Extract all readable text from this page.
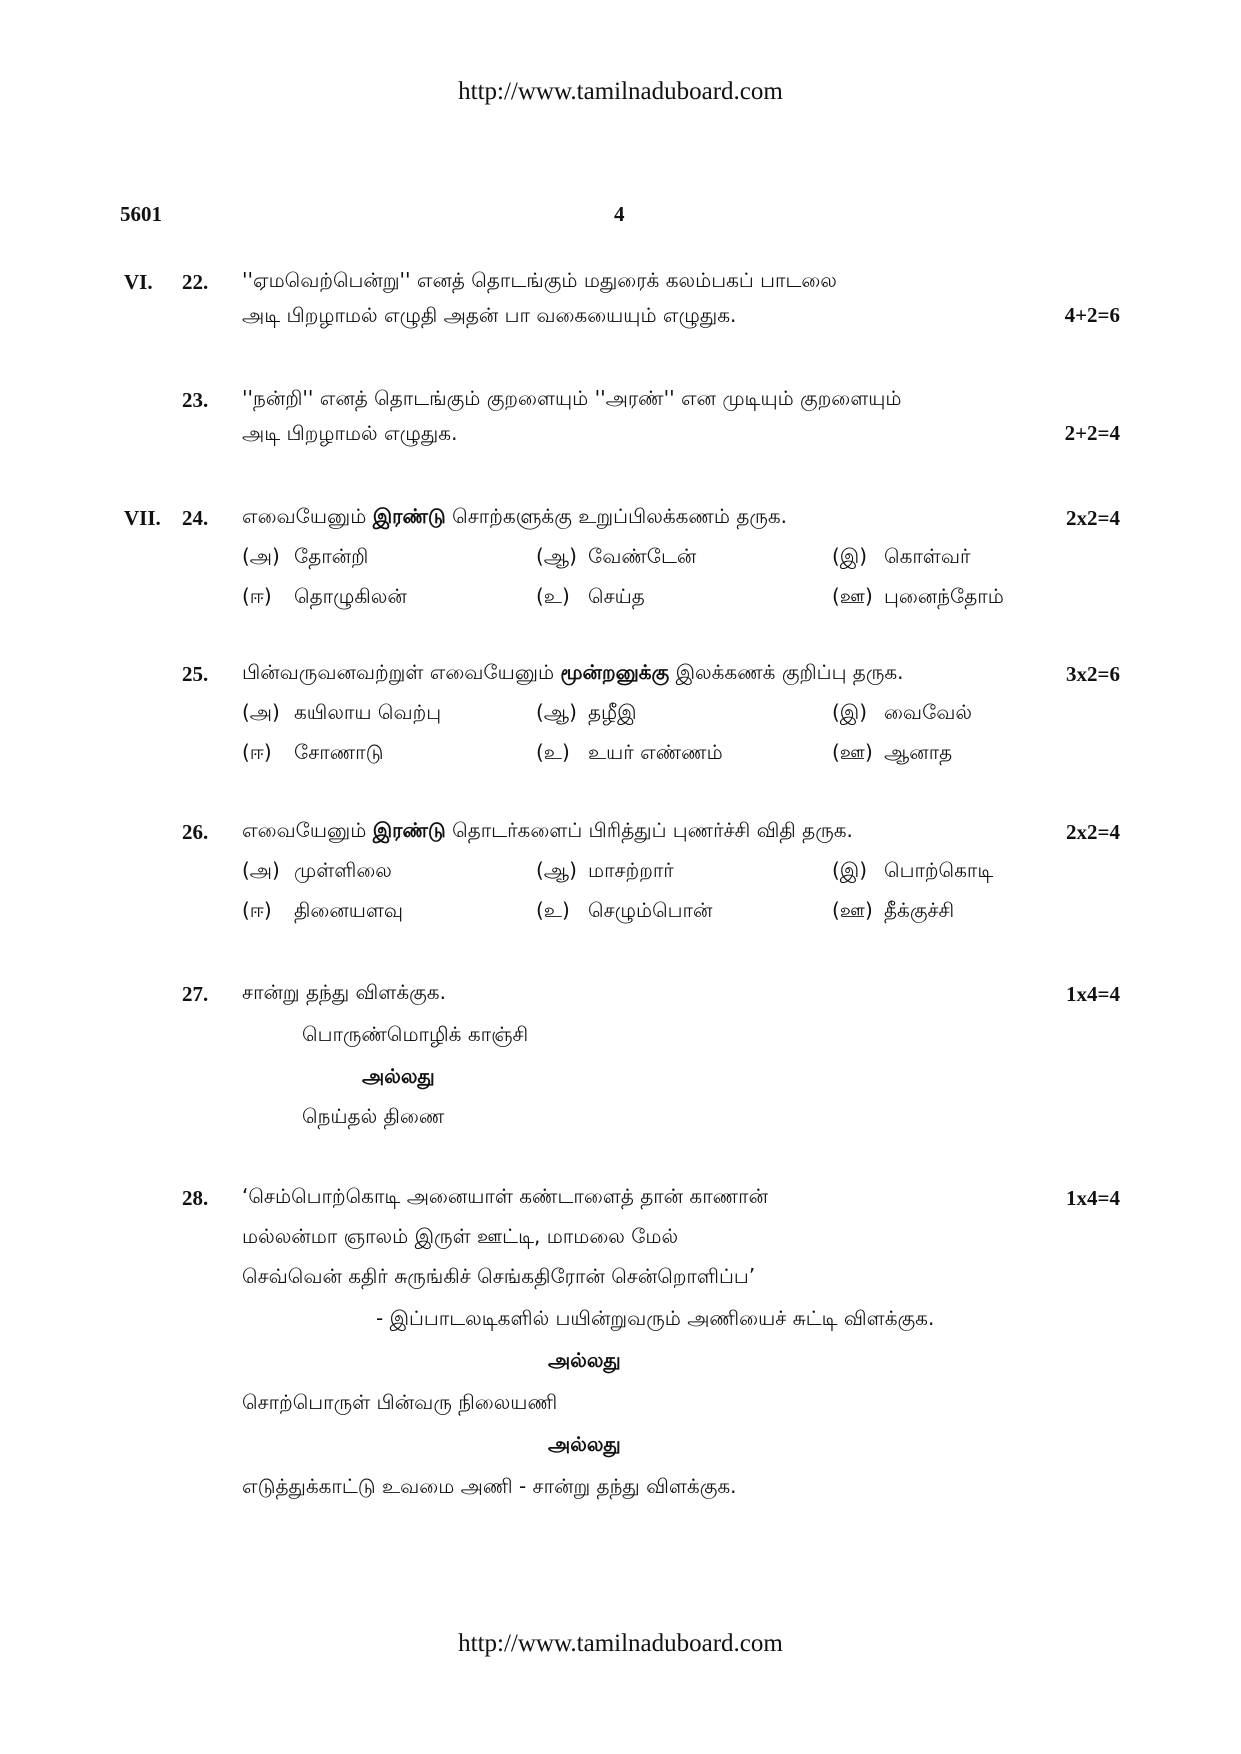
http://www.tamilnaduboard.com
5601	4
VI. 22. ''ஏமவெற்பென்று'' எனத் தொடங்கும் மதுரைக் கலம்பகப் பாடலை
அடி பிறழாமல் எழுதி அதன் பா வகையையும் எழுதுக.	4+2=6
23. ''நன்றி'' எனத் தொடங்கும் குறளையும் ''அரண்'' என முடியும் குறளையும்
அடி பிறழாமல் எழுதுக.	2+2=4
VII. 24. எவையேனும் இரண்டு சொற்களுக்கு உறுப்பிலக்கணம் தருக.	2x2=4
(அ) தோன்றி	(ஆ) வேண்டேன்	(இ) கொள்வர்
(ஈ) தொழுகிலன்	(உ) செய்த	(ஊ) புனைந்தோம்
25. பின்வருவனவற்றுள் எவையேனும் மூன்றனுக்கு இலக்கணக் குறிப்பு தருக.	3x2=6
(அ) கயிலாய வெற்பு	(ஆ) தழீஇ	(இ) வைவேல்
(ஈ) சோணாடு	(உ) உயர் எண்ணம்	(ஊ) ஆனாத
26. எவையேனும் இரண்டு தொடர்களைப் பிரித்துப் புணர்ச்சி விதி தருக.	2x2=4
(அ) முள்ளிலை	(ஆ) மாசற்றார்	(இ) பொற்கொடி
(ஈ) தினையளவு	(உ) செழும்பொன்	(ஊ) தீக்குச்சி
27. சான்று தந்து விளக்குக.	1x4=4
பொருண்மொழிக் காஞ்சி
அல்லது
நெய்தல் திணை
28. ‘செம்பொற்கொடி அனையாள் கண்டாளைத் தான் காணான்	1x4=4
மல்லன்மா ஞாலம் இருள் ஊட்டி, மாமலை மேல்
செவ்வென் கதிர் சுருங்கிச் செங்கதிரோன் சென்றொளிப்ப’
- இப்பாடலடிகளில் பயின்றுவரும் அணியைச் சுட்டி விளக்குக.
அல்லது
சொற்பொருள் பின்வரு நிலையணி
அல்லது
எடுத்துக்காட்டு உவமை அணி - சான்று தந்து விளக்குக.
http://www.tamilnaduboard.com
